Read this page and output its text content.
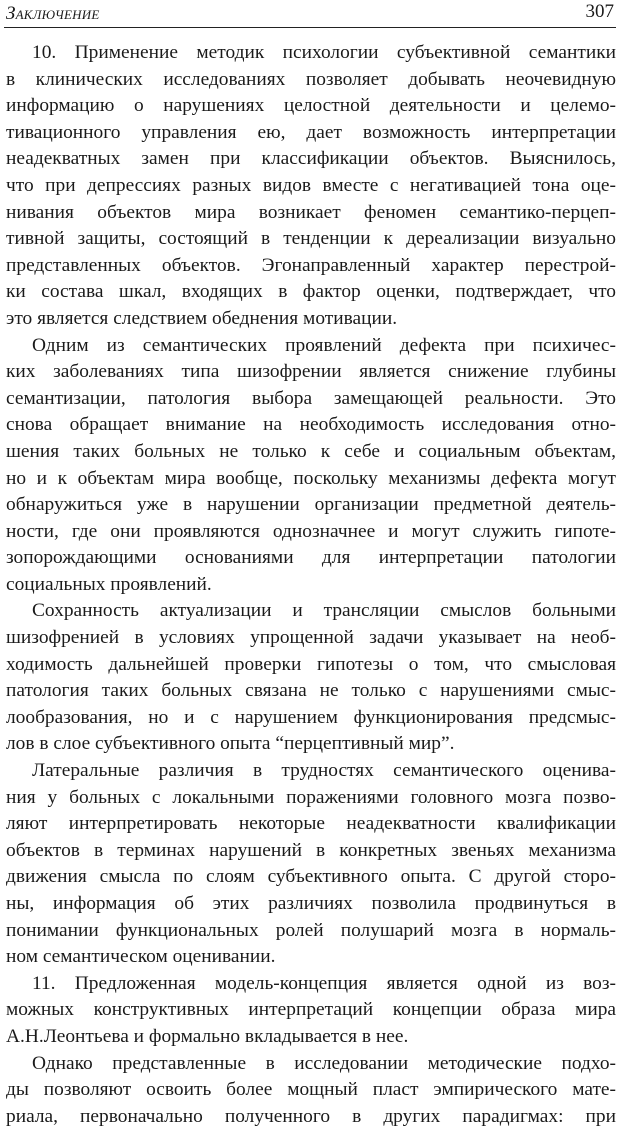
Заключение	307
10. Применение методик психологии субъективной семантики
в клинических исследованиях позволяет добывать неочевидную
информацию о нарушениях целостной деятельности и целемо-
тивационного управления ею, дает возможность интерпретации
неадекватных замен при классификации объектов. Выяснилось,
что при депрессиях разных видов вместе с негативацией тона оце-
нивания объектов мира возникает феномен семантико-перцеп-
тивной защиты, состоящий в тенденции к дереализации визуально
представленных объектов. Эгонаправленный характер перестрой-
ки состава шкал, входящих в фактор оценки, подтверждает, что
это является следствием обеднения мотивации.
Одним из семантических проявлений дефекта при психичес-
ких заболеваниях типа шизофрении является снижение глубины
семантизации, патология выбора замещающей реальности. Это
снова обращает внимание на необходимость исследования отно-
шения таких больных не только к себе и социальным объектам,
но и к объектам мира вообще, поскольку механизмы дефекта могут
обнаружиться уже в нарушении организации предметной деятель-
ности, где они проявляются однозначнее и могут служить гипоте-
зопорождающими основаниями для интерпретации патологии
социальных проявлений.
Сохранность актуализации и трансляции смыслов больными
шизофренией в условиях упрощенной задачи указывает на необ-
ходимость дальнейшей проверки гипотезы о том, что смысловая
патология таких больных связана не только с нарушениями смыс-
лообразования, но и с нарушением функционирования предсмыс-
лов в слое субъективного опыта “перцептивный мир”.
Латеральные различия в трудностях семантического оценива-
ния у больных с локальными поражениями головного мозга позво-
ляют интерпретировать некоторые неадекватности квалификации
объектов в терминах нарушений в конкретных звеньях механизма
движения смысла по слоям субъективного опыта. С другой сторо-
ны, информация об этих различиях позволила продвинуться в
понимании функциональных ролей полушарий мозга в нормаль-
ном семантическом оценивании.
11. Предложенная модель-концепция является одной из воз-
можных конструктивных интерпретаций концепции образа мира
А.Н.Леонтьева и формально вкладывается в нее.
Однако представленные в исследовании методические подхо-
ды позволяют освоить более мощный пласт эмпирического мате-
риала, первоначально полученного в других парадигмах: при
